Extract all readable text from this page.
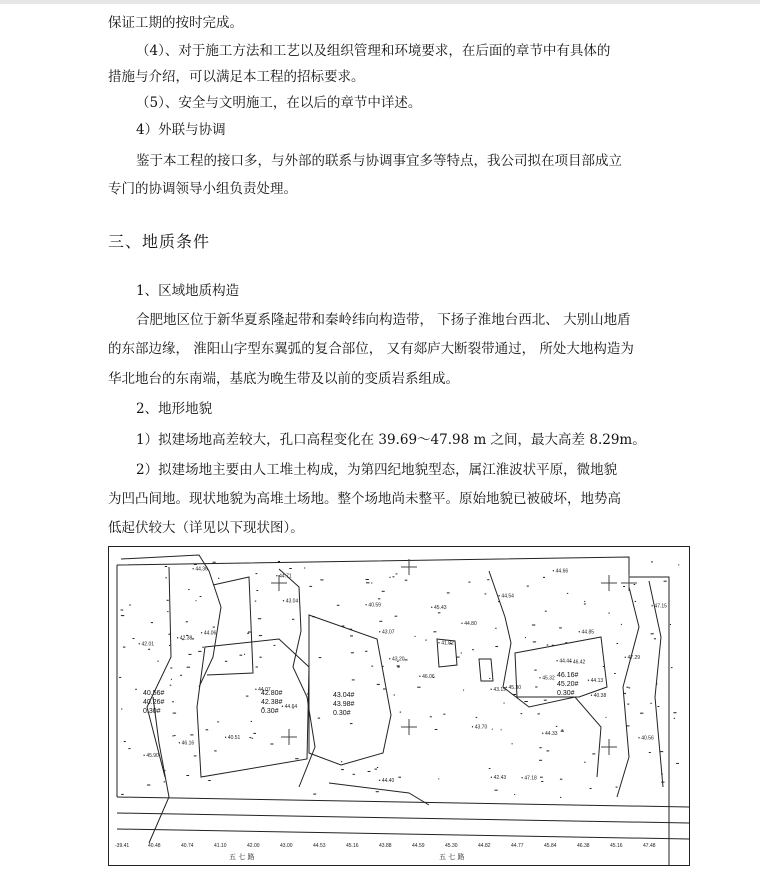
保证工期的按时完成。
（4）、对于施工方法和工艺以及组织管理和环境要求，在后面的章节中有具体的
措施与介绍，可以满足本工程的招标要求。
（5）、安全与文明施工，在以后的章节中详述。
4）外联与协调
鉴于本工程的接口多，与外部的联系与协调事宜多等特点，我公司拟在项目部成立
专门的协调领导小组负责处理。
三、地质条件
1、区域地质构造
合肥地区位于新华夏系隆起带和秦岭纬向构造带， 下扬子淮地台西北、 大别山地盾
的东部边缘， 淮阳山字型东翼弧的复合部位， 又有郯庐大断裂带通过， 所处大地构造为
华北地台的东南端，基底为晚生带及以前的变质岩系组成。
2、地形地貌
1）拟建场地高差较大，孔口高程变化在 39.69～47.98 m 之间，最大高差 8.29m。
2）拟建场地主要由人工堆土构成，为第四纪地貌型态，属江淮波状平原，微地貌
为凹凸间地。现状地貌为高堆土场地。整个场地尚未整平。原始地貌已被破坏，地势高
低起伏较大（详见以下现状图）。
• 42.43
• 40.51
• 42.01	• 41.82
• 40.38
• 43.04
• 44.06
• 43.70
• 44.33
• 44.54
• 44.13
• 44.44
• 45.43
• 44.85
• 45.30
• 46.16
• 47.29
• 46.42
• 44.80
• 40.59
• 43.20
• 44.40	• 47.18
• 45.90
• 47.15
• 44.36	• 44.66
• 43.07
• 40.56
• 42.38
• 44.64
• 46.06
• 44.71
• 45.32
• 44.07	• 43.19
40.56#
40.26#
0.30#
42.80#
42.38#
0.30#
43.04#
43.98#
0.30#
46.16#
45.20#
0.30#
-39.41	40.48	40.74	41.10	42.00	43.00	44.53	45.16	43.88	44.59	45.30	44.82	44.77	45.84	46.38	45.16	47.48
五 七 路	五 七 路
